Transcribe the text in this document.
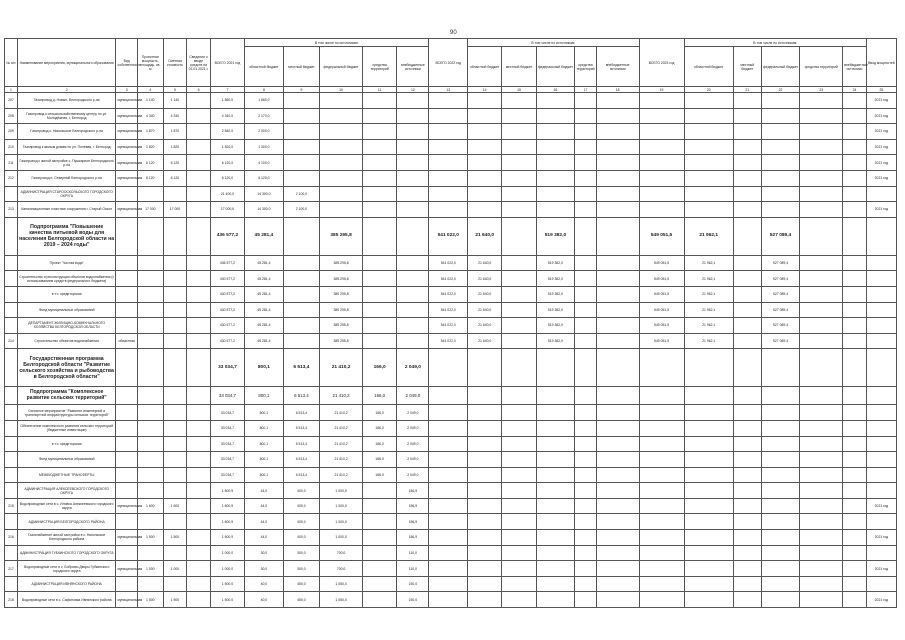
90
№ п/п	Наименование мероприятия, муниципального образования	Вид собственности	Проектная мощность, площадь, кв. м	Сметная стоимость	Сведения о вводе средств на 01.01.2021 г.	ВСЕГО 2021 год	В том числе по источникам:					ВСЕГО 2022 год	В том числе по источникам:					ВСЕГО 2023 год	В том числе по источникам:					Ввод мощностей
							областной бюджет	местный бюджет	федеральный бюджет	средства территорий	внебюджетные источники		областной бюджет	местный бюджет	федеральный бюджет	средства территорий	внебюджетные источники		областной бюджет	местный бюджет	федеральный бюджет	средства территорий	внебюджетные источники	
1	2	3	4	5	6	7	8	9	10	11	12	13	14	15	16	17	18	19	20	21	22	23	24	25
207	Газопровод д. Новые, Белгородского р-на	муниципальная	1 140	1 140		1 860,0	1 860,0																	2021 год
208	Газопровод к сельскохозяйственному центру по ул. Молодёжная, г. Белгород	муниципальная	4 340	4 340		4 340,0	2 170,0																	2021 год
209	Газопровод с. Никольское Белгородского р-на	муниципальная	1 870	1 870		2 840,0	2 000,0																	2021 год
210	Газопровод к жилым домам по ул. Полевая, г. Белгород	муниципальная	1 820	1 820		1 820,0	1 300,0																	2021 год
211	Газопровод к жилой застройке с. Пушкарное Белгородского р-на	муниципальная	6 120	6 120		6 120,0	4 100,0																	2021 год
212	Газопровод п. Северный Белгородского р-на	муниципальная	6 120	6 120		6 120,0	6 120,0																	2021 год
	АДМИНИСТРАЦИЯ СТАРООСКОЛЬСКОГО ГОРОДСКОГО ОКРУГА					21 400,0	14 300,0	2 100,0																
213	Канализационные очистные сооружения г. Старый Оскол	муниципальная	17 000	17 000		17 000,0	14 300,0	2 100,0																2021 год
	Подпрограмма "Повышение качества питьевой воды для населения Белгородской области на 2019 – 2024 годы"					436 577,2	45 281,4		385 295,8			541 022,0	21 640,0		519 382,0			549 051,5	21 962,1		527 089,4			
	Проект "Чистая вода"					436 577,2	45 281,4		385 295,8			541 022,0	21 640,0		519 382,0			549 051,5	21 962,1		527 089,4			
	Строительство и реконструкция объектов водоснабжения (с использованием средств федерального бюджета)					430 577,2	45 281,4		385 295,8			541 022,0	21 640,0		519 382,0			549 051,5	21 962,1		527 089,4			
	в т.ч. кредиторская					430 577,2	45 281,4		385 295,8			541 022,0	21 640,0		519 382,0			549 051,5	21 962,1		527 089,4			
	Фонд муниципальных образований					430 577,2	45 281,4		385 295,8			541 022,0	21 640,0		519 382,0			549 051,5	21 962,1		527 089,4			
	ДЕПАРТАМЕНТ ЖИЛИЩНО-КОММУНАЛЬНОГО ХОЗЯЙСТВА БЕЛГОРОДСКОЙ ОБЛАСТИ					430 577,2	45 281,4		385 295,8			541 022,0	21 640,0		519 382,0			549 051,5	21 962,1		527 089,4			
214	Строительство объектов водоснабжения	областная				430 577,2	45 281,4		385 295,8			541 022,0	21 640,0		519 382,0			549 051,5	21 962,1		527 089,4			
	Государственная программа Белгородской области "Развитие сельского хозяйства и рыбоводства в Белгородской области"					33 034,7	800,1	6 513,4	21 410,2	166,0	2 049,0													
	Подпрограмма "Комплексное развитие сельских территорий"					33 034,7	800,1	6 513,4	21 410,2	166,0	2 049,0													
	Основное мероприятие "Развитие инженерной и транспортной инфраструктуры сельских территорий"					33 034,7	800,1	6 513,4	21 410,2	166,0	2 049,0													
	Обеспечение комплексного развития сельских территорий (бюджетные инвестиции)					33 034,7	800,1	6 513,4	21 410,2	166,0	2 049,0													
	в т.ч. кредиторская					33 034,7	800,1	6 513,4	21 410,2	166,0	2 049,0													
	Фонд муниципальных образований					33 034,7	800,1	6 513,4	21 410,2	166,0	2 049,0													
	МЕЖБЮДЖЕТНЫЕ ТРАНСФЕРТЫ					33 034,7	800,1	6 513,4	21 410,2	166,0	2 049,0													
	АДМИНИСТРАЦИЯ АЛЕКСЕЕВСКОГО ГОРОДСКОГО ОКРУГА					1 600,9	44,0	400,0	1 000,0		156,9													
215	Водопроводные сети в с. Иловка Алексеевского городского округа	муниципальная	1 600	1 600		1 600,9	44,0	400,0	1 000,0		156,9													2021 год
	АДМИНИСТРАЦИЯ БЕЛГОРОДСКОГО РАЙОНА					1 600,9	44,0	400,0	1 000,0		156,9													
216	Газоснабжение жилой застройки в с. Никольское Белгородского района	муниципальная	1 500	1 500		1 600,9	44,0	400,0	1 000,0		156,9													2021 год
	АДМИНИСТРАЦИЯ ГУБКИНСКОГО ГОРОДСКОГО ОКРУГА					1 000,0	30,0	300,0	700,0		110,0													
217	Водопроводные сети в с. Бобровы Дворы Губкинского городского округа	муниципальная	1 000	1 000		1 000,0	30,0	300,0	700,0		110,0													2021 год
	АДМИНИСТРАЦИЯ ИВНЯНСКОГО РАЙОНА					1 500,0	40,0	450,0	1 050,0		150,0													
218	Водопроводные сети в с. Сафоновка Ивнянского района	муниципальная	1 500	1 500		1 500,0	40,0	450,0	1 050,0		150,0													2021 год
